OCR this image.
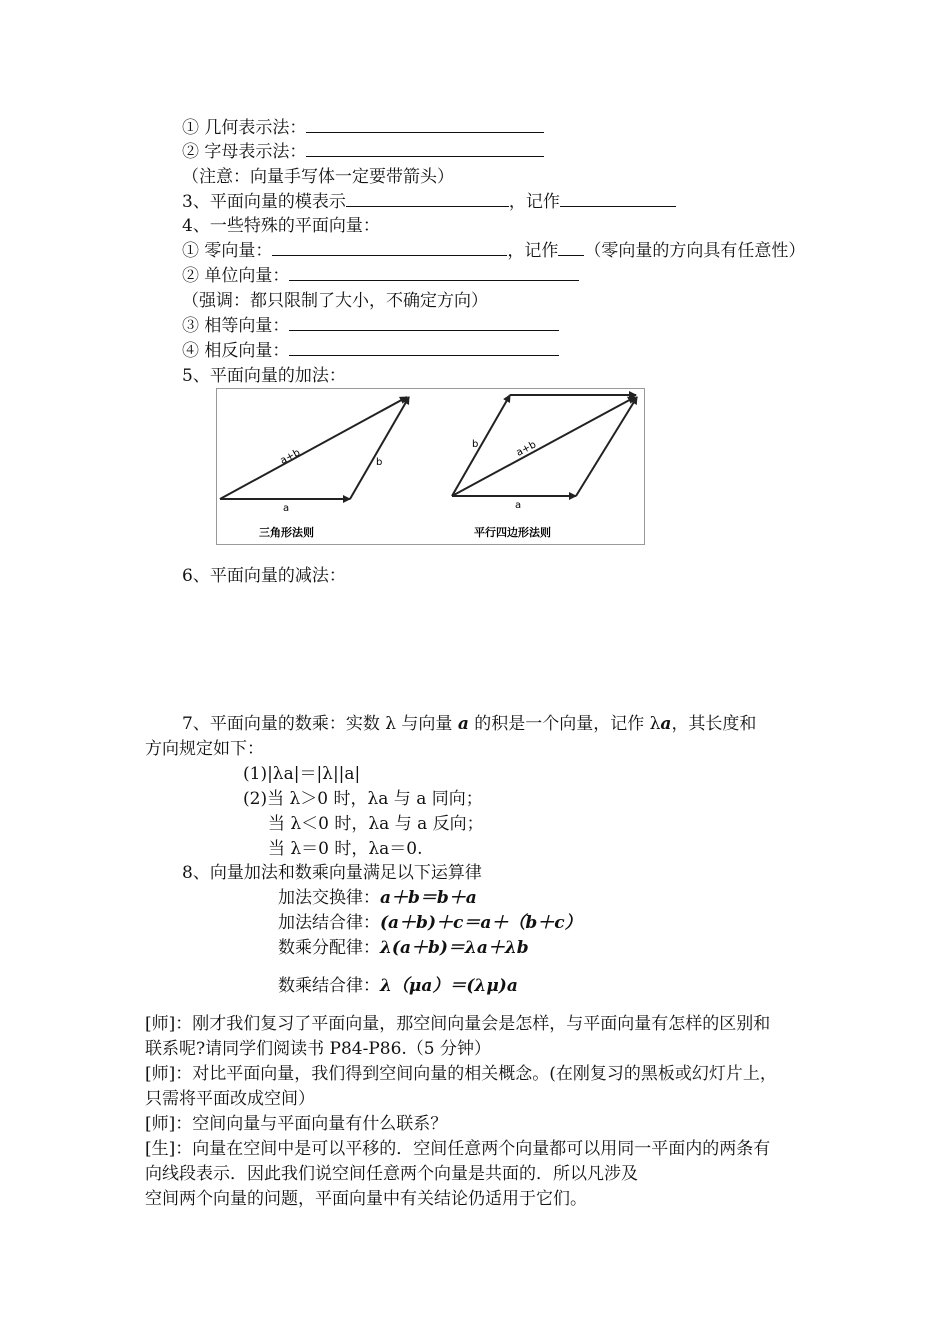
① 几何表示法：
② 字母表示法：
（注意：向量手写体一定要带箭头）
3、平面向量的模表示	，记作
4、一些特殊的平面向量：
① 零向量：	，记作 （零向量的方向具有任意性）
② 单位向量：
（强调：都只限制了大小，不确定方向）
③ 相等向量：
④ 相反向量：
5、平面向量的加法：
a
b
a+b
三角形法则
a
b	a+b
平行四边形法则
6、平面向量的减法：
7、平面向量的数乘：实数 λ 与向量 a 的积是一个向量，记作 λa，其长度和
方向规定如下：
(1)|λa|＝|λ||a|
(2)当 λ＞0 时，λa 与 a 同向；
当 λ＜0 时，λa 与 a 反向；
当 λ＝0 时，λa＝0.
8、向量加法和数乘向量满足以下运算律
加法交换律：a＋b＝b＋a
加法结合律：(a＋b)＋c＝a＋（b＋c）
数乘分配律：λ(a＋b)＝λa＋λb
数乘结合律：λ（μa）＝(λμ)a
[师]：刚才我们复习了平面向量，那空间向量会是怎样，与平面向量有怎样的区别和
联系呢?请同学们阅读书 P84-P86.（5 分钟）
[师]：对比平面向量，我们得到空间向量的相关概念。(在刚复习的黑板或幻灯片上，
只需将平面改成空间）
[师]：空间向量与平面向量有什么联系？
[生]：向量在空间中是可以平移的．空间任意两个向量都可以用同一平面内的两条有
向线段表示．因此我们说空间任意两个向量是共面的．所以凡涉及
空间两个向量的问题，平面向量中有关结论仍适用于它们。
